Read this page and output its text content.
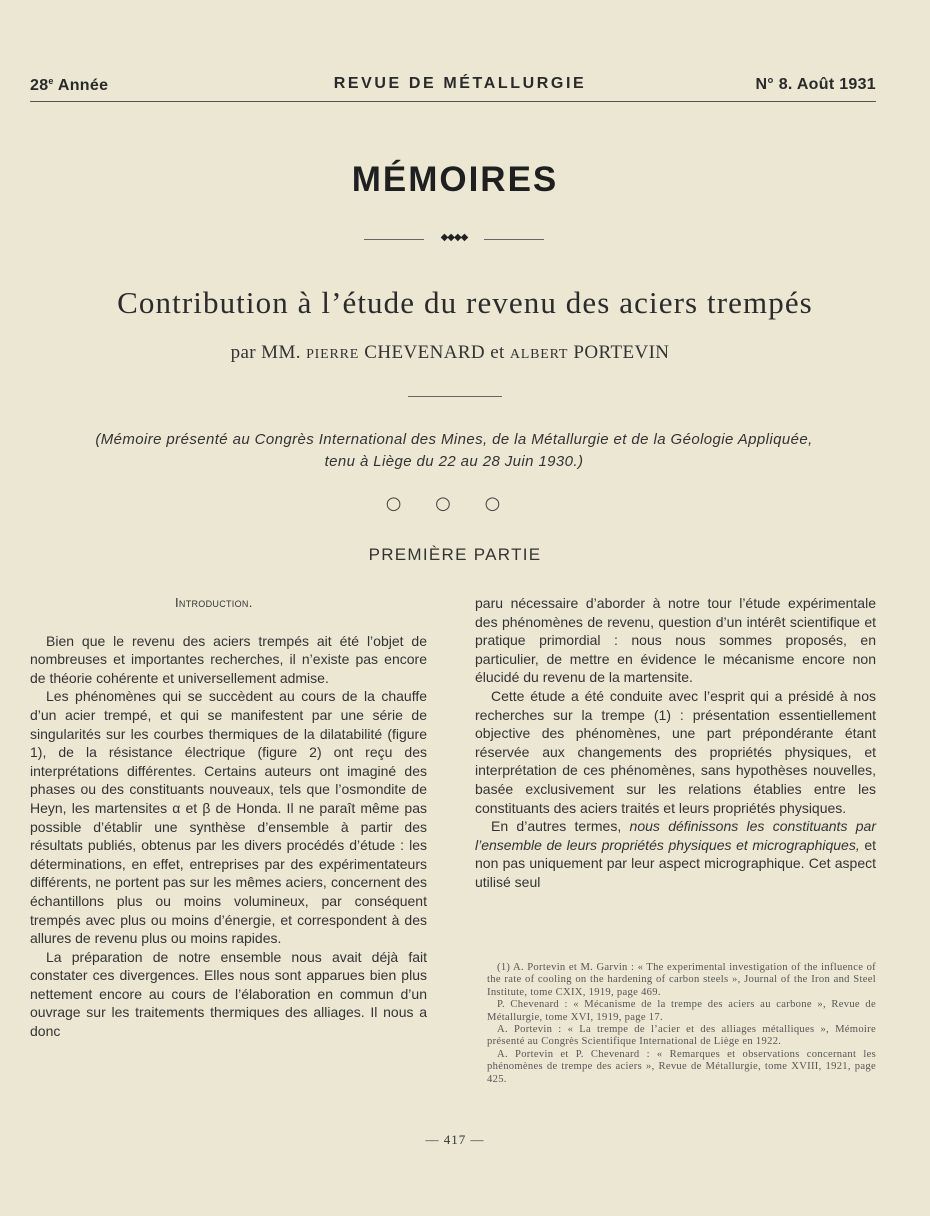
28e Année	REVUE DE MÉTALLURGIE	N° 8. Août 1931
MÉMOIRES
◆◆◆◆
Contribution à l’étude du revenu des aciers trempés
par MM. PIERRE CHEVENARD et ALBERT PORTEVIN
(Mémoire présenté au Congrès International des Mines, de la Métallurgie et de la Géologie Appliquée,
tenu à Liège du 22 au 28 Juin 1930.)
○ ○ ○
PREMIÈRE PARTIE
Introduction.

Bien que le revenu des aciers trempés ait été l’objet de nombreuses et importantes recherches, il n’existe pas encore de théorie cohérente et universellement admise.

Les phénomènes qui se succèdent au cours de la chauffe d’un acier trempé, et qui se manifestent par une série de singularités sur les courbes thermiques de la dilatabilité (figure 1), de la résistance électrique (figure 2) ont reçu des interprétations différentes. Certains auteurs ont imaginé des phases ou des constituants nouveaux, tels que l’osmondite de Heyn, les martensites α et β de Honda. Il ne paraît même pas possible d’établir une synthèse d’ensemble à partir des résultats publiés, obtenus par les divers procédés d’étude : les déterminations, en effet, entreprises par des expérimentateurs différents, ne portent pas sur les mêmes aciers, concernent des échantillons plus ou moins volumineux, par conséquent trempés avec plus ou moins d’énergie, et correspondent à des allures de revenu plus ou moins rapides.

La préparation de notre ensemble nous avait déjà fait constater ces divergences. Elles nous sont apparues bien plus nettement encore au cours de l’élaboration en commun d’un ouvrage sur les traitements thermiques des alliages. Il nous a donc

paru nécessaire d’aborder à notre tour l’étude expérimentale des phénomènes de revenu, question d’un intérêt scientifique et pratique primordial : nous nous sommes proposés, en particulier, de mettre en évidence le mécanisme encore non élucidé du revenu de la martensite.

Cette étude a été conduite avec l’esprit qui a présidé à nos recherches sur la trempe (1) : présentation essentiellement objective des phénomènes, une part prépondérante étant réservée aux changements des propriétés physiques, et interprétation de ces phénomènes, sans hypothèses nouvelles, basée exclusivement sur les relations établies entre les constituants des aciers traités et leurs propriétés physiques.

En d’autres termes, nous définissons les constituants par l’ensemble de leurs propriétés physiques et micrographiques, et non pas uniquement par leur aspect micrographique. Cet aspect utilisé seul

(1) A. Portevin et M. Garvin : « The experimental investigation of the influence of the rate of cooling on the hardening of carbon steels », Journal of the Iron and Steel Institute, tome CXIX, 1919, page 469.

P. Chevenard : « Mécanisme de la trempe des aciers au carbone », Revue de Métallurgie, tome XVI, 1919, page 17.

A. Portevin : « La trempe de l’acier et des alliages métalliques », Mémoire présenté au Congrès Scientifique International de Liège en 1922.

A. Portevin et P. Chevenard : « Remarques et observations concernant les phénomènes de trempe des aciers », Revue de Métallurgie, tome XVIII, 1921, page 425.

— 417 —
